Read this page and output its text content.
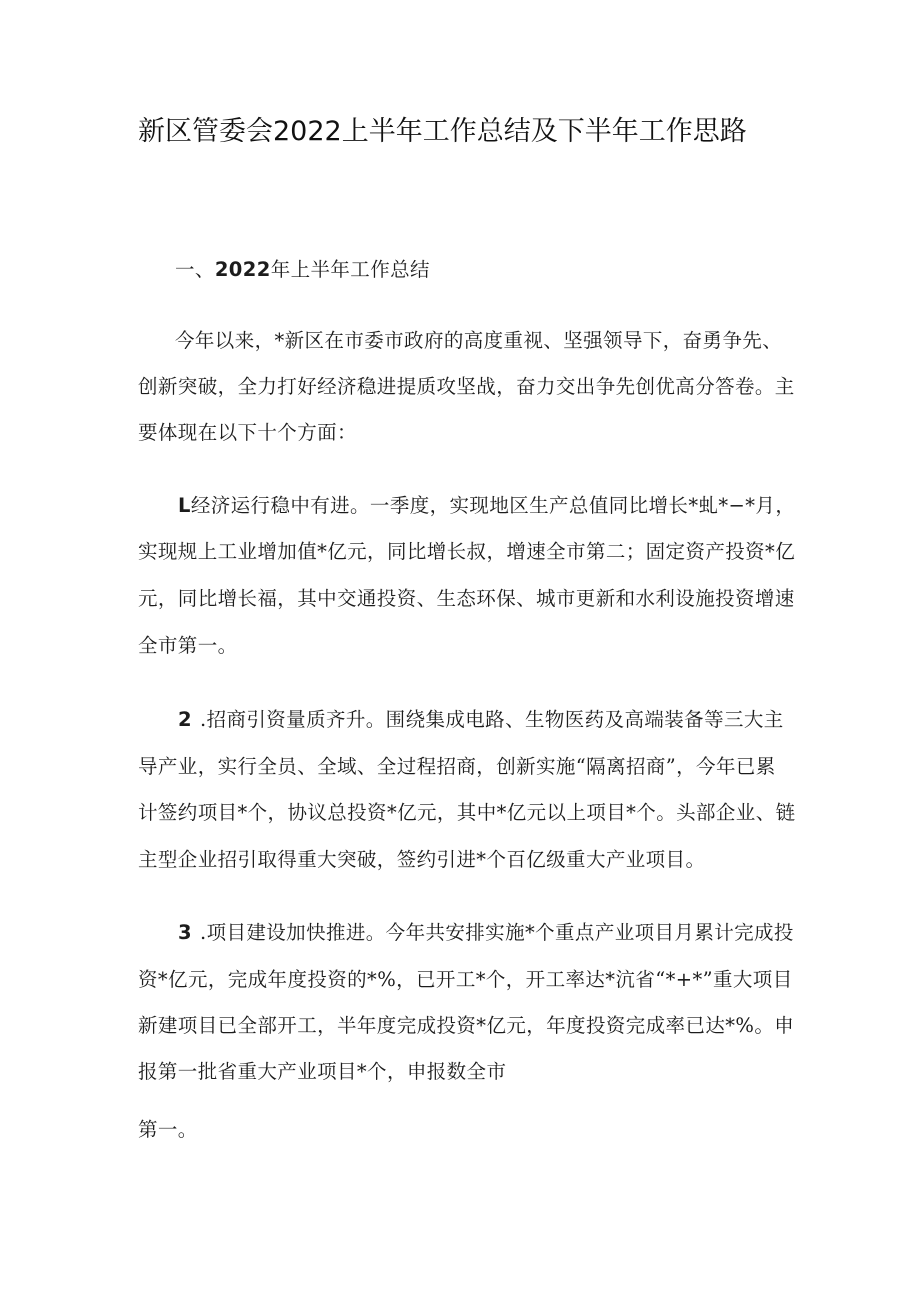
新区管委会2022上半年工作总结及下半年工作思路
一、2022年上半年工作总结
今年以来，*新区在市委市政府的高度重视、坚强领导下，奋勇争先、
创新突破，全力打好经济稳进提质攻坚战，奋力交出争先创优高分答卷。主
要体现在以下十个方面：
L经济运行稳中有进。一季度，实现地区生产总值同比增长*虬*−*月，
实现规上工业增加值*亿元，同比增长叔，增速全市第二；固定资产投资*亿
元，同比增长福，其中交通投资、生态环保、城市更新和水利设施投资增速
全市第一。
2 .招商引资量质齐升。围绕集成电路、生物医药及高端装备等三大主
导产业，实行全员、全域、全过程招商，创新实施“隔离招商”，今年已累
计签约项目*个，协议总投资*亿元，其中*亿元以上项目*个。头部企业、链
主型企业招引取得重大突破，签约引进*个百亿级重大产业项目。
3 .项目建设加快推进。今年共安排实施*个重点产业项目月累计完成投
资*亿元，完成年度投资的*%，已开工*个，开工率达*沆省“*+*”重大项目
新建项目已全部开工，半年度完成投资*亿元，年度投资完成率已达*%。申
报第一批省重大产业项目*个，申报数全市
第一。
